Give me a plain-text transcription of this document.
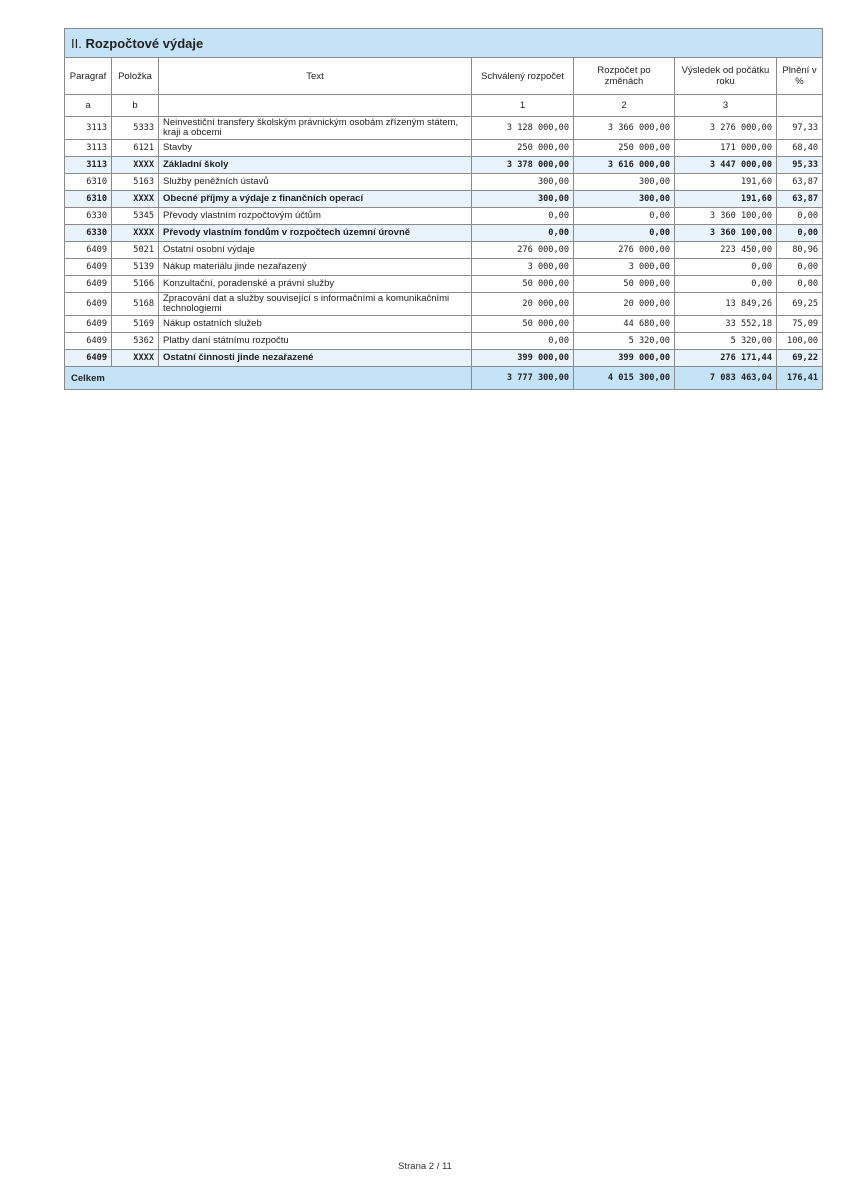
II. Rozpočtové výdaje						
Paragraf	Položka	Text	Schválený rozpočet	Rozpočet po změnách	Výsledek od počátku roku	Plnění v %
a	b		1	2	3	
3113	5333	Neinvestiční transfery školským právnickým osobám zřízeným státem, kraji a obcemi	3 128 000,00	3 366 000,00	3 276 000,00	97,33
3113	6121	Stavby	250 000,00	250 000,00	171 000,00	68,40
3113	XXXX	Základní školy	3 378 000,00	3 616 000,00	3 447 000,00	95,33
6310	5163	Služby peněžních ústavů	300,00	300,00	191,60	63,87
6310	XXXX	Obecné příjmy a výdaje z finančních operací	300,00	300,00	191,60	63,87
6330	5345	Převody vlastním rozpočtovým účtům	0,00	0,00	3 360 100,00	0,00
6330	XXXX	Převody vlastním fondům v rozpočtech územní úrovně	0,00	0,00	3 360 100,00	0,00
6409	5021	Ostatní osobní výdaje	276 000,00	276 000,00	223 450,00	80,96
6409	5139	Nákup materiálu jinde nezařazený	3 000,00	3 000,00	0,00	0,00
6409	5166	Konzultační, poradenské a právní služby	50 000,00	50 000,00	0,00	0,00
6409	5168	Zpracování dat a služby související s informačními a komunikačními technologiemi	20 000,00	20 000,00	13 849,26	69,25
6409	5169	Nákup ostatních služeb	50 000,00	44 680,00	33 552,18	75,09
6409	5362	Platby daní státnímu rozpočtu	0,00	5 320,00	5 320,00	100,00
6409	XXXX	Ostatní činnosti jinde nezařazené	399 000,00	399 000,00	276 171,44	69,22
Celkem			3 777 300,00	4 015 300,00	7 083 463,04	176,41
Strana 2 / 11
